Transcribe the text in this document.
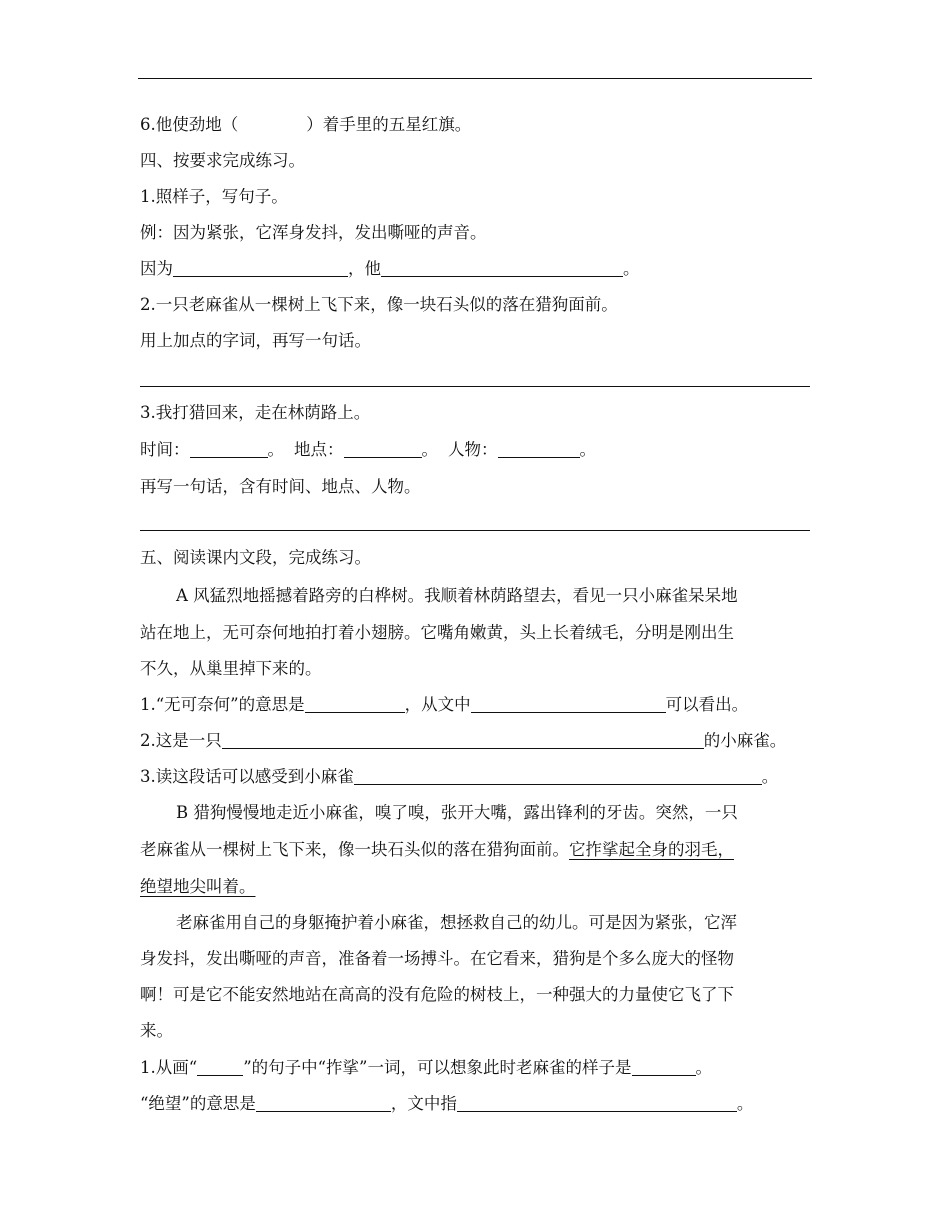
6.他使劲地（	）着手里的五星红旗。
四、按要求完成练习。
1.照样子，写句子。
例：因为紧张，它浑身发抖，发出嘶哑的声音。
因为	，他	。
2.一只老麻雀从一棵树上飞下来，像一块石头似的落在猎狗面前。
用上加点的字词，再写一句话。
3.我打猎回来，走在林荫路上。
时间：	。 地点：	。 人物：	。
再写一句话，含有时间、地点、人物。
五、阅读课内文段，完成练习。
A 风猛烈地摇撼着路旁的白桦树。我顺着林荫路望去，看见一只小麻雀呆呆地
站在地上，无可奈何地拍打着小翅膀。它嘴角嫩黄，头上长着绒毛，分明是刚出生
不久，从巢里掉下来的。
1.“无可奈何”的意思是	，从文中	可以看出。
2.这是一只	的小麻雀。
3.读这段话可以感受到小麻雀	。
B 猎狗慢慢地走近小麻雀，嗅了嗅，张开大嘴，露出锋利的牙齿。突然，一只
老麻雀从一棵树上飞下来，像一块石头似的落在猎狗面前。它拃挲起全身的羽毛，
绝望地尖叫着。
老麻雀用自己的身躯掩护着小麻雀，想拯救自己的幼儿。可是因为紧张，它浑
身发抖，发出嘶哑的声音，准备着一场搏斗。在它看来，猎狗是个多么庞大的怪物
啊！可是它不能安然地站在高高的没有危险的树枝上，一种强大的力量使它飞了下
来。
1.从画“	”的句子中“拃挲”一词，可以想象此时老麻雀的样子是	。
“绝望”的意思是	，文中指	。
